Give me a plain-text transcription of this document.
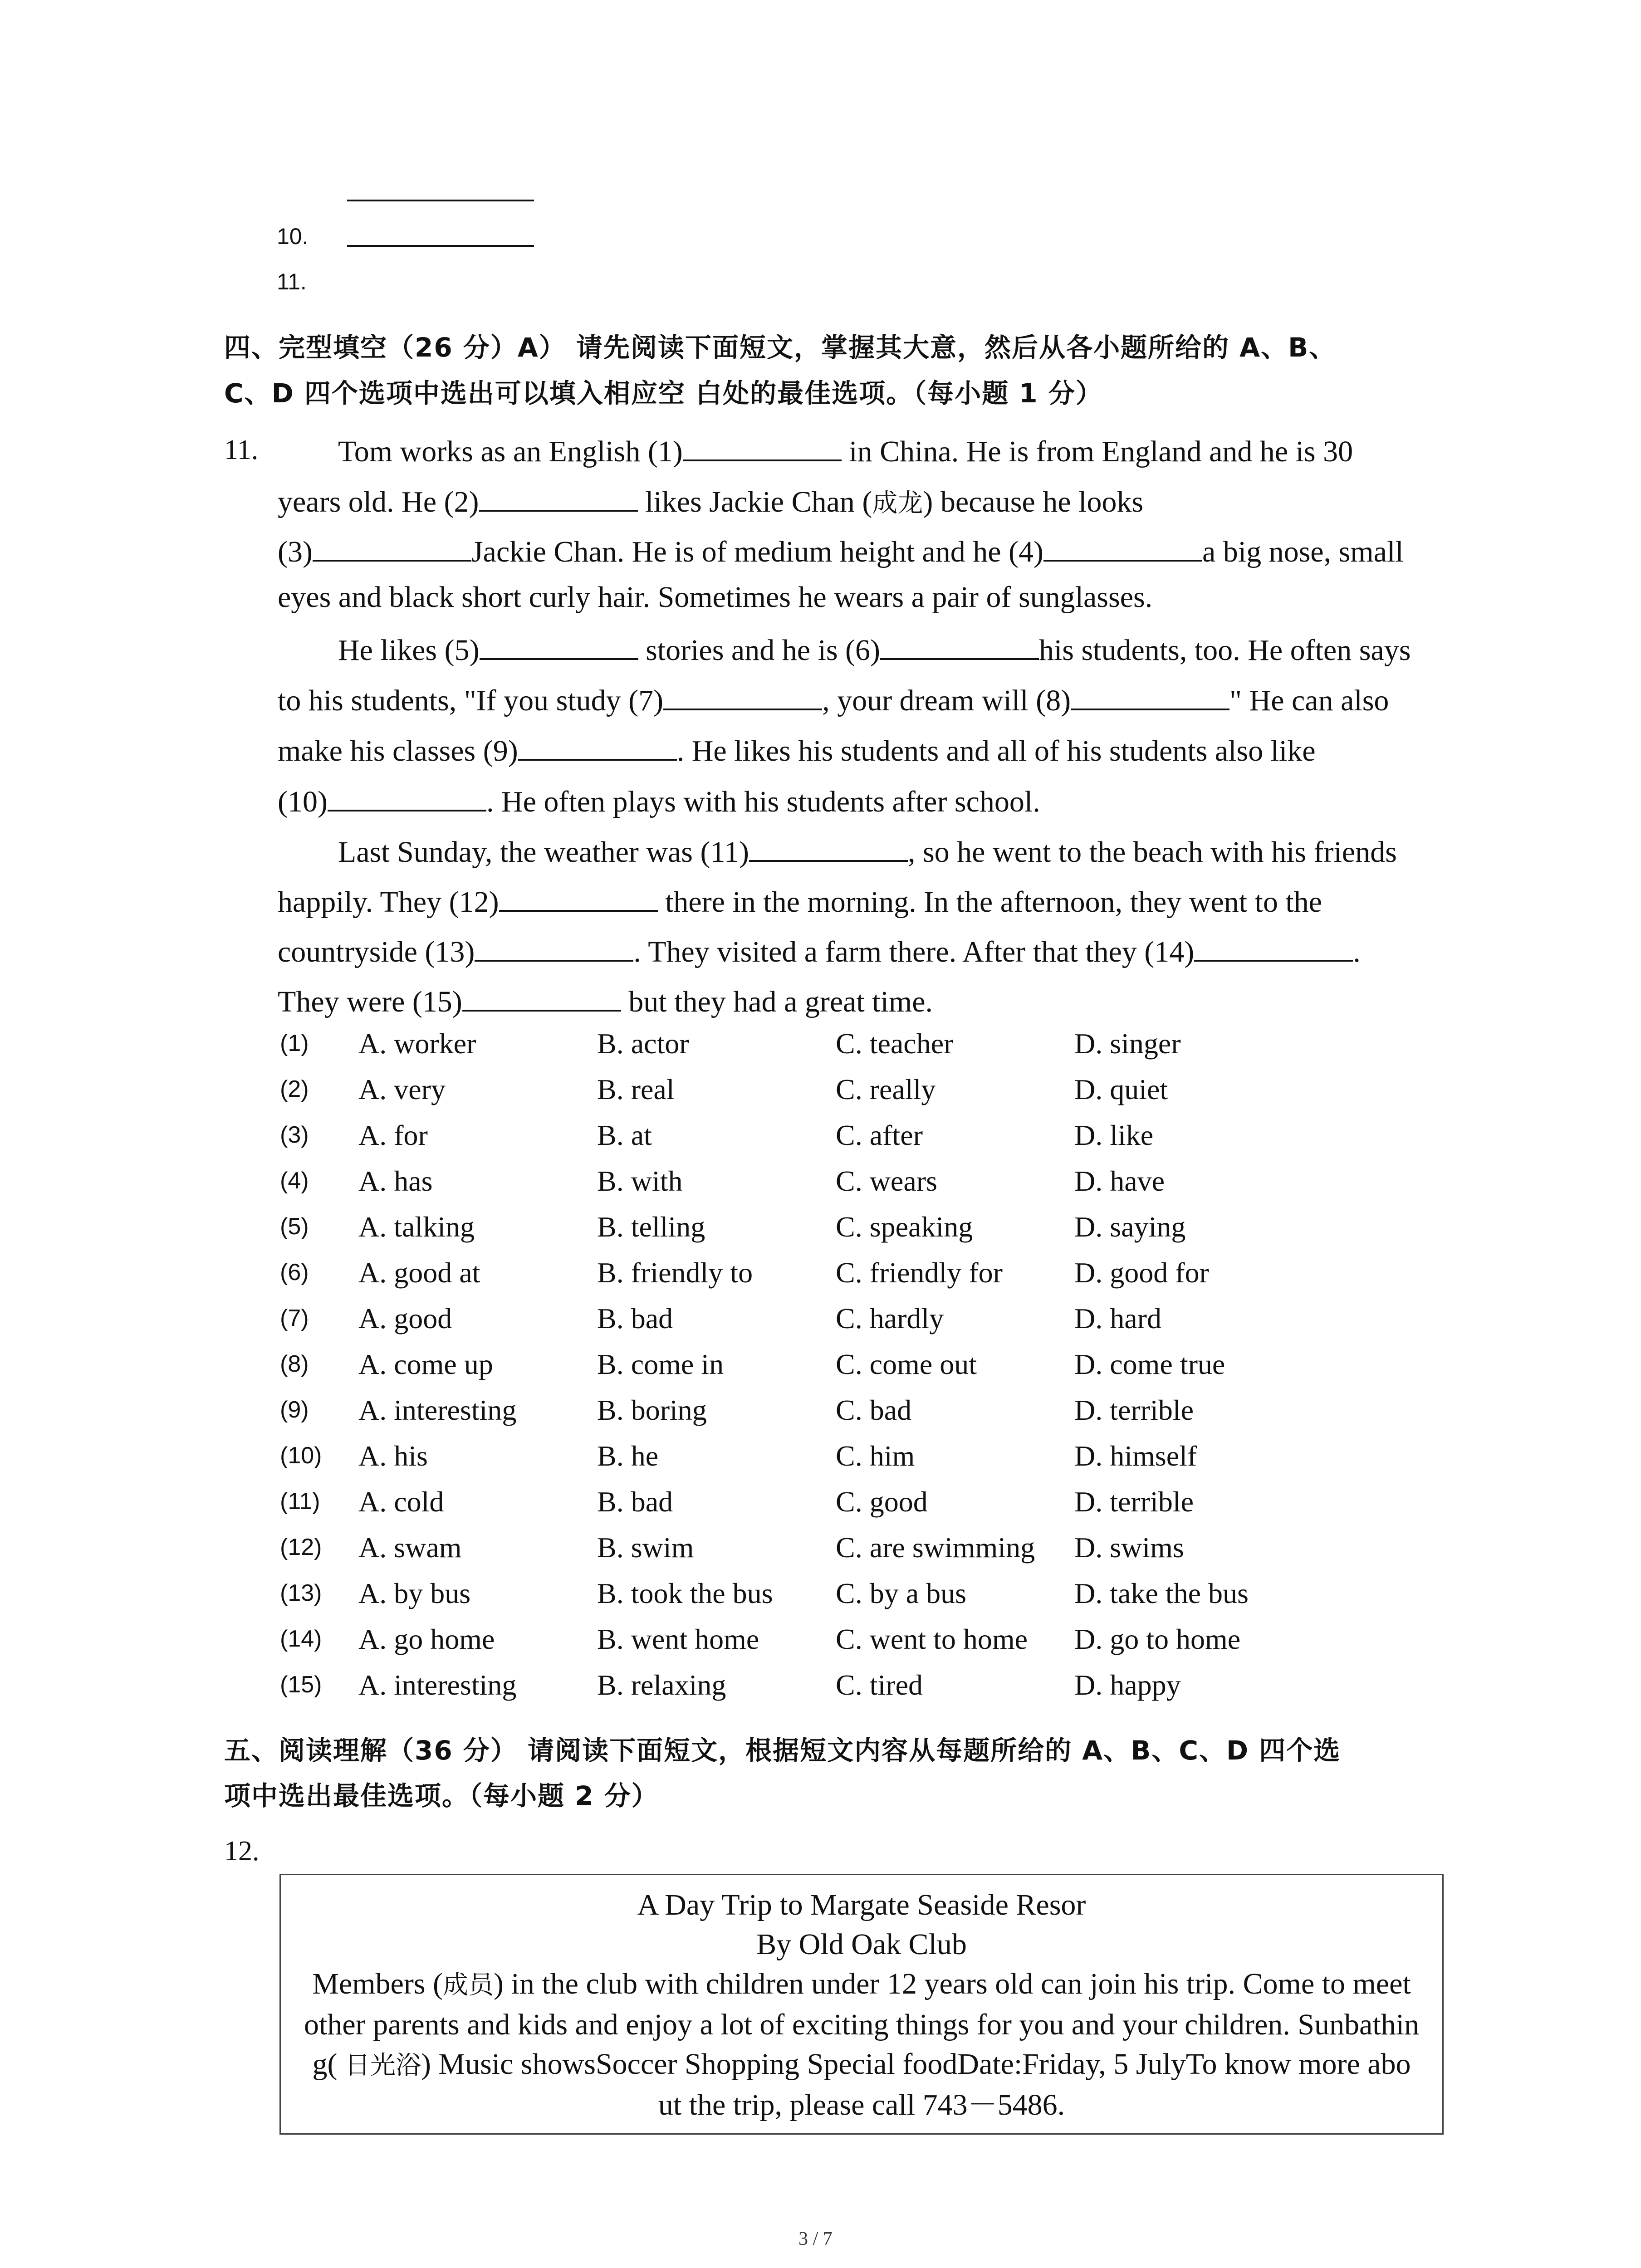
10.
11.
四、完型填空（26 分）A） 请先阅读下面短文，掌握其大意，然后从各小题所给的 A、B、
C、D 四个选项中选出可以填入相应空 白处的最佳选项。（每小题 1 分）
11.	Tom works as an English (1)	in China. He is from England and he is 30
years old. He (2)	likes Jackie Chan (成龙) because he looks
(3)	Jackie Chan. He is of medium height and he (4)	a big nose, small
eyes and black short curly hair. Sometimes he wears a pair of sunglasses.
He likes (5)	stories and he is (6)	his students, too. He often says
to his students, "If you study (7)	, your dream will (8)	" He can also
make his classes (9)	. He likes his students and all of his students also like
(10)	. He often plays with his students after school.
Last Sunday, the weather was (11)	, so he went to the beach with his friends
happily. They (12)	there in the morning. In the afternoon, they went to the
countryside (13)	. They visited a farm there. After that they (14)	.
They were (15)	but they had a great time.
(1) A. worker	B. actor	C. teacher	D. singer
(2) A. very	B. real	C. really	D. quiet
(3) A. for	B. at	C. after	D. like
(4) A. has	B. with	C. wears	D. have
(5) A. talking	B. telling	C. speaking	D. saying
(6) A. good at	B. friendly to	C. friendly for D. good for
(7) A. good	B. bad	C. hardly	D. hard
(8) A. come up	B. come in	C. come out	D. come true
(9) A. interesting	B. boring	C. bad	D. terrible
(10) A. his	B. he	C. him	D. himself
(11) A. cold	B. bad	C. good	D. terrible
(12) A. swam	B. swim	C. are swimming D. swims
(13) A. by bus	B. took the bus C. by a bus	D. take the bus
(14) A. go home	B. went home	C. went to home D. go to home
(15) A. interesting	B. relaxing	C. tired	D. happy
五、阅读理解（36 分） 请阅读下面短文，根据短文内容从每题所给的 A、B、C、D 四个选
项中选出最佳选项。（每小题 2 分）
12.
A Day Trip to Margate Seaside Resor
By Old Oak Club
Members (成员) in the club with children under 12 years old can join his trip. Come to meet
other parents and kids and enjoy a lot of exciting things for you and your children. Sunbathin
g( 日光浴) Music showsSoccer Shopping Special foodDate:Friday, 5 JulyTo know more abo
ut the trip, please call 743－5486.
3 / 7
